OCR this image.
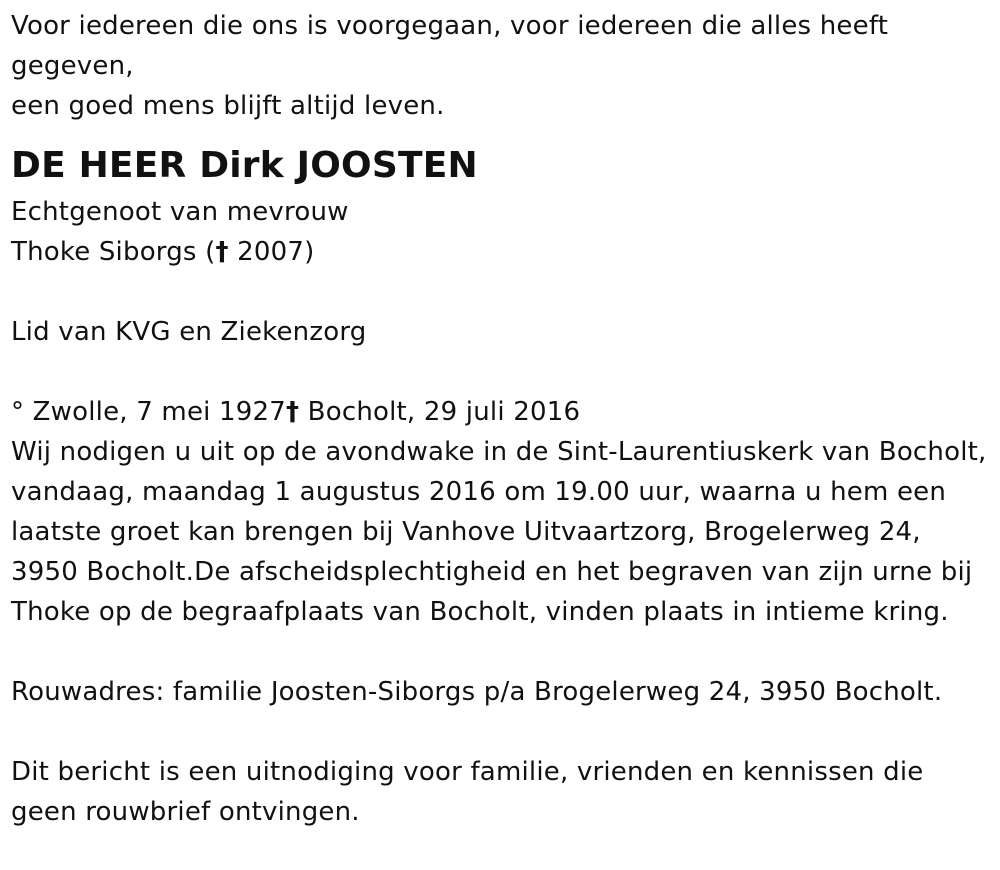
Voor iedereen die ons is voorgegaan, voor iedereen die alles heeft
gegeven,
een goed mens blijft altijd leven.
DE HEER Dirk JOOSTEN
Echtgenoot van mevrouw
Thoke Siborgs († 2007)
Lid van KVG en Ziekenzorg
° Zwolle, 7 mei 1927† Bocholt, 29 juli 2016
Wij nodigen u uit op de avondwake in de Sint-Laurentiuskerk van Bocholt,
vandaag, maandag 1 augustus 2016 om 19.00 uur, waarna u hem een
laatste groet kan brengen bij Vanhove Uitvaartzorg, Brogelerweg 24,
3950 Bocholt.De afscheidsplechtigheid en het begraven van zijn urne bij
Thoke op de begraafplaats van Bocholt, vinden plaats in intieme kring.
Rouwadres: familie Joosten-Siborgs p/a Brogelerweg 24, 3950 Bocholt.
Dit bericht is een uitnodiging voor familie, vrienden en kennissen die
geen rouwbrief ontvingen.
